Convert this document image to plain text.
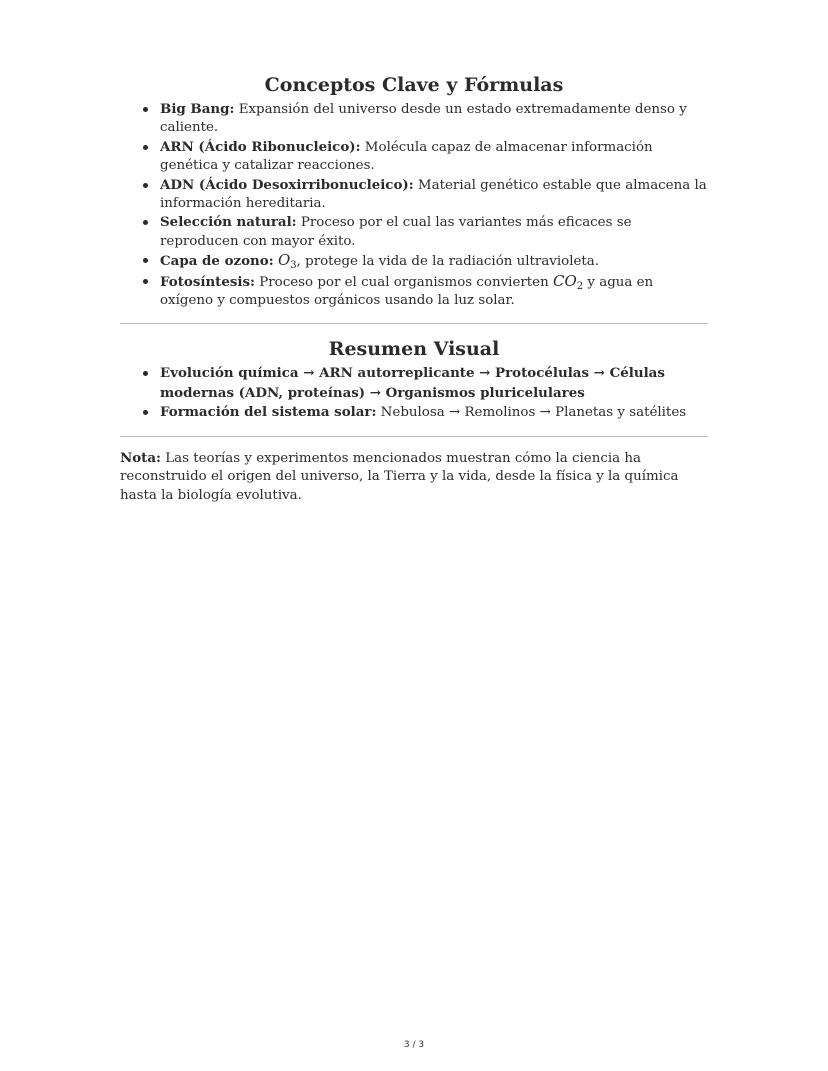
Conceptos Clave y Fórmulas
Big Bang: Expansión del universo desde un estado extremadamente denso y caliente.
ARN (Ácido Ribonucleico): Molécula capaz de almacenar información genética y catalizar reacciones.
ADN (Ácido Desoxirribonucleico): Material genético estable que almacena la información hereditaria.
Selección natural: Proceso por el cual las variantes más eficaces se reproducen con mayor éxito.
Capa de ozono: $O_3$, protege la vida de la radiación ultravioleta.
Fotosíntesis: Proceso por el cual organismos convierten $CO_2$ y agua en oxígeno y compuestos orgánicos usando la luz solar.
Resumen Visual
Evolución química → ARN autorreplicante → Protocélulas → Células modernas (ADN, proteínas) → Organismos pluricelulares
Formación del sistema solar: Nebulosa → Remolinos → Planetas y satélites

Nota: Las teorías y experimentos mencionados muestran cómo la ciencia ha reconstruido el origen del universo, la Tierra y la vida, desde la física y la química hasta la biología evolutiva.

3 / 3
